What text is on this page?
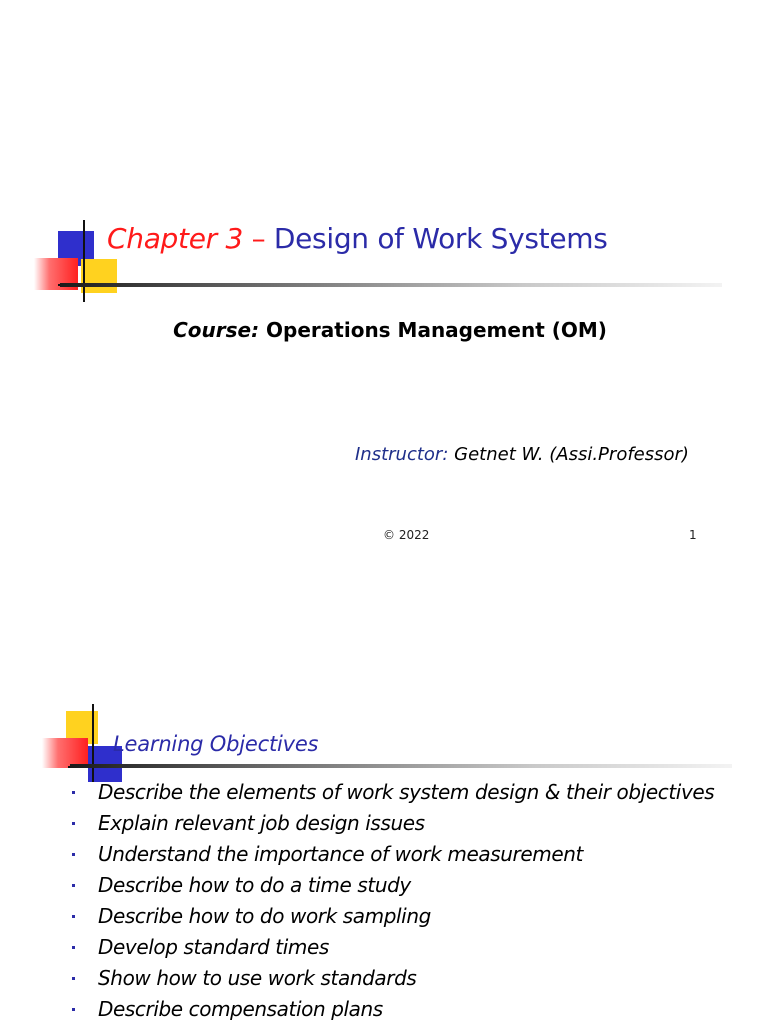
Chapter 3 – Design of Work Systems
Course: Operations Management (OM)
Instructor: Getnet W. (Assi.Professor)
© 2022	1
Learning Objectives
Describe the elements of work system design & their objectives
Explain relevant job design issues
Understand the importance of work measurement
Describe how to do a time study
Describe how to do work sampling
Develop standard times
Show how to use work standards
Describe compensation plans
